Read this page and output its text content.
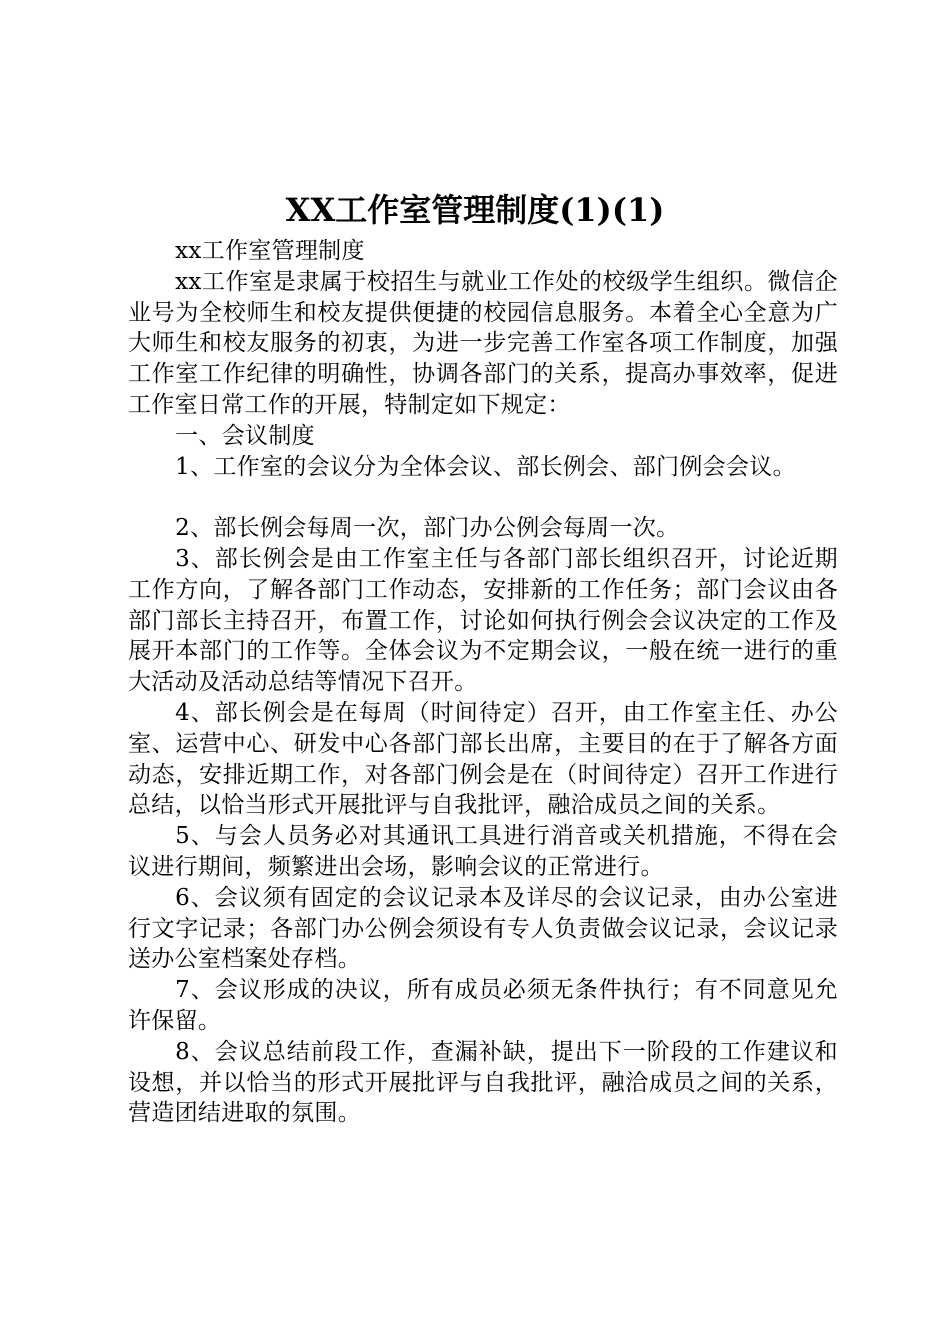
XX工作室管理制度(1)(1)

xx工作室管理制度

xx工作室是隶属于校招生与就业工作处的校级学生组织。微信企业号为全校师生和校友提供便捷的校园信息服务。本着全心全意为广大师生和校友服务的初衷，为进一步完善工作室各项工作制度，加强工作室工作纪律的明确性，协调各部门的关系，提高办事效率，促进工作室日常工作的开展，特制定如下规定：

一、会议制度

1、工作室的会议分为全体会议、部长例会、部门例会会议。

2、部长例会每周一次，部门办公例会每周一次。

3、部长例会是由工作室主任与各部门部长组织召开，讨论近期工作方向，了解各部门工作动态，安排新的工作任务；部门会议由各部门部长主持召开，布置工作，讨论如何执行例会会议决定的工作及展开本部门的工作等。全体会议为不定期会议，一般在统一进行的重大活动及活动总结等情况下召开。

4、部长例会是在每周（时间待定）召开，由工作室主任、办公室、运营中心、研发中心各部门部长出席，主要目的在于了解各方面动态，安排近期工作，对各部门例会是在（时间待定）召开工作进行总结，以恰当形式开展批评与自我批评，融洽成员之间的关系。

5、与会人员务必对其通讯工具进行消音或关机措施，不得在会议进行期间，频繁进出会场，影响会议的正常进行。

6、会议须有固定的会议记录本及详尽的会议记录，由办公室进行文字记录；各部门办公例会须设有专人负责做会议记录，会议记录送办公室档案处存档。

7、会议形成的决议，所有成员必须无条件执行；有不同意见允许保留。

8、会议总结前段工作，查漏补缺，提出下一阶段的工作建议和设想，并以恰当的形式开展批评与自我批评，融洽成员之间的关系，营造团结进取的氛围。
